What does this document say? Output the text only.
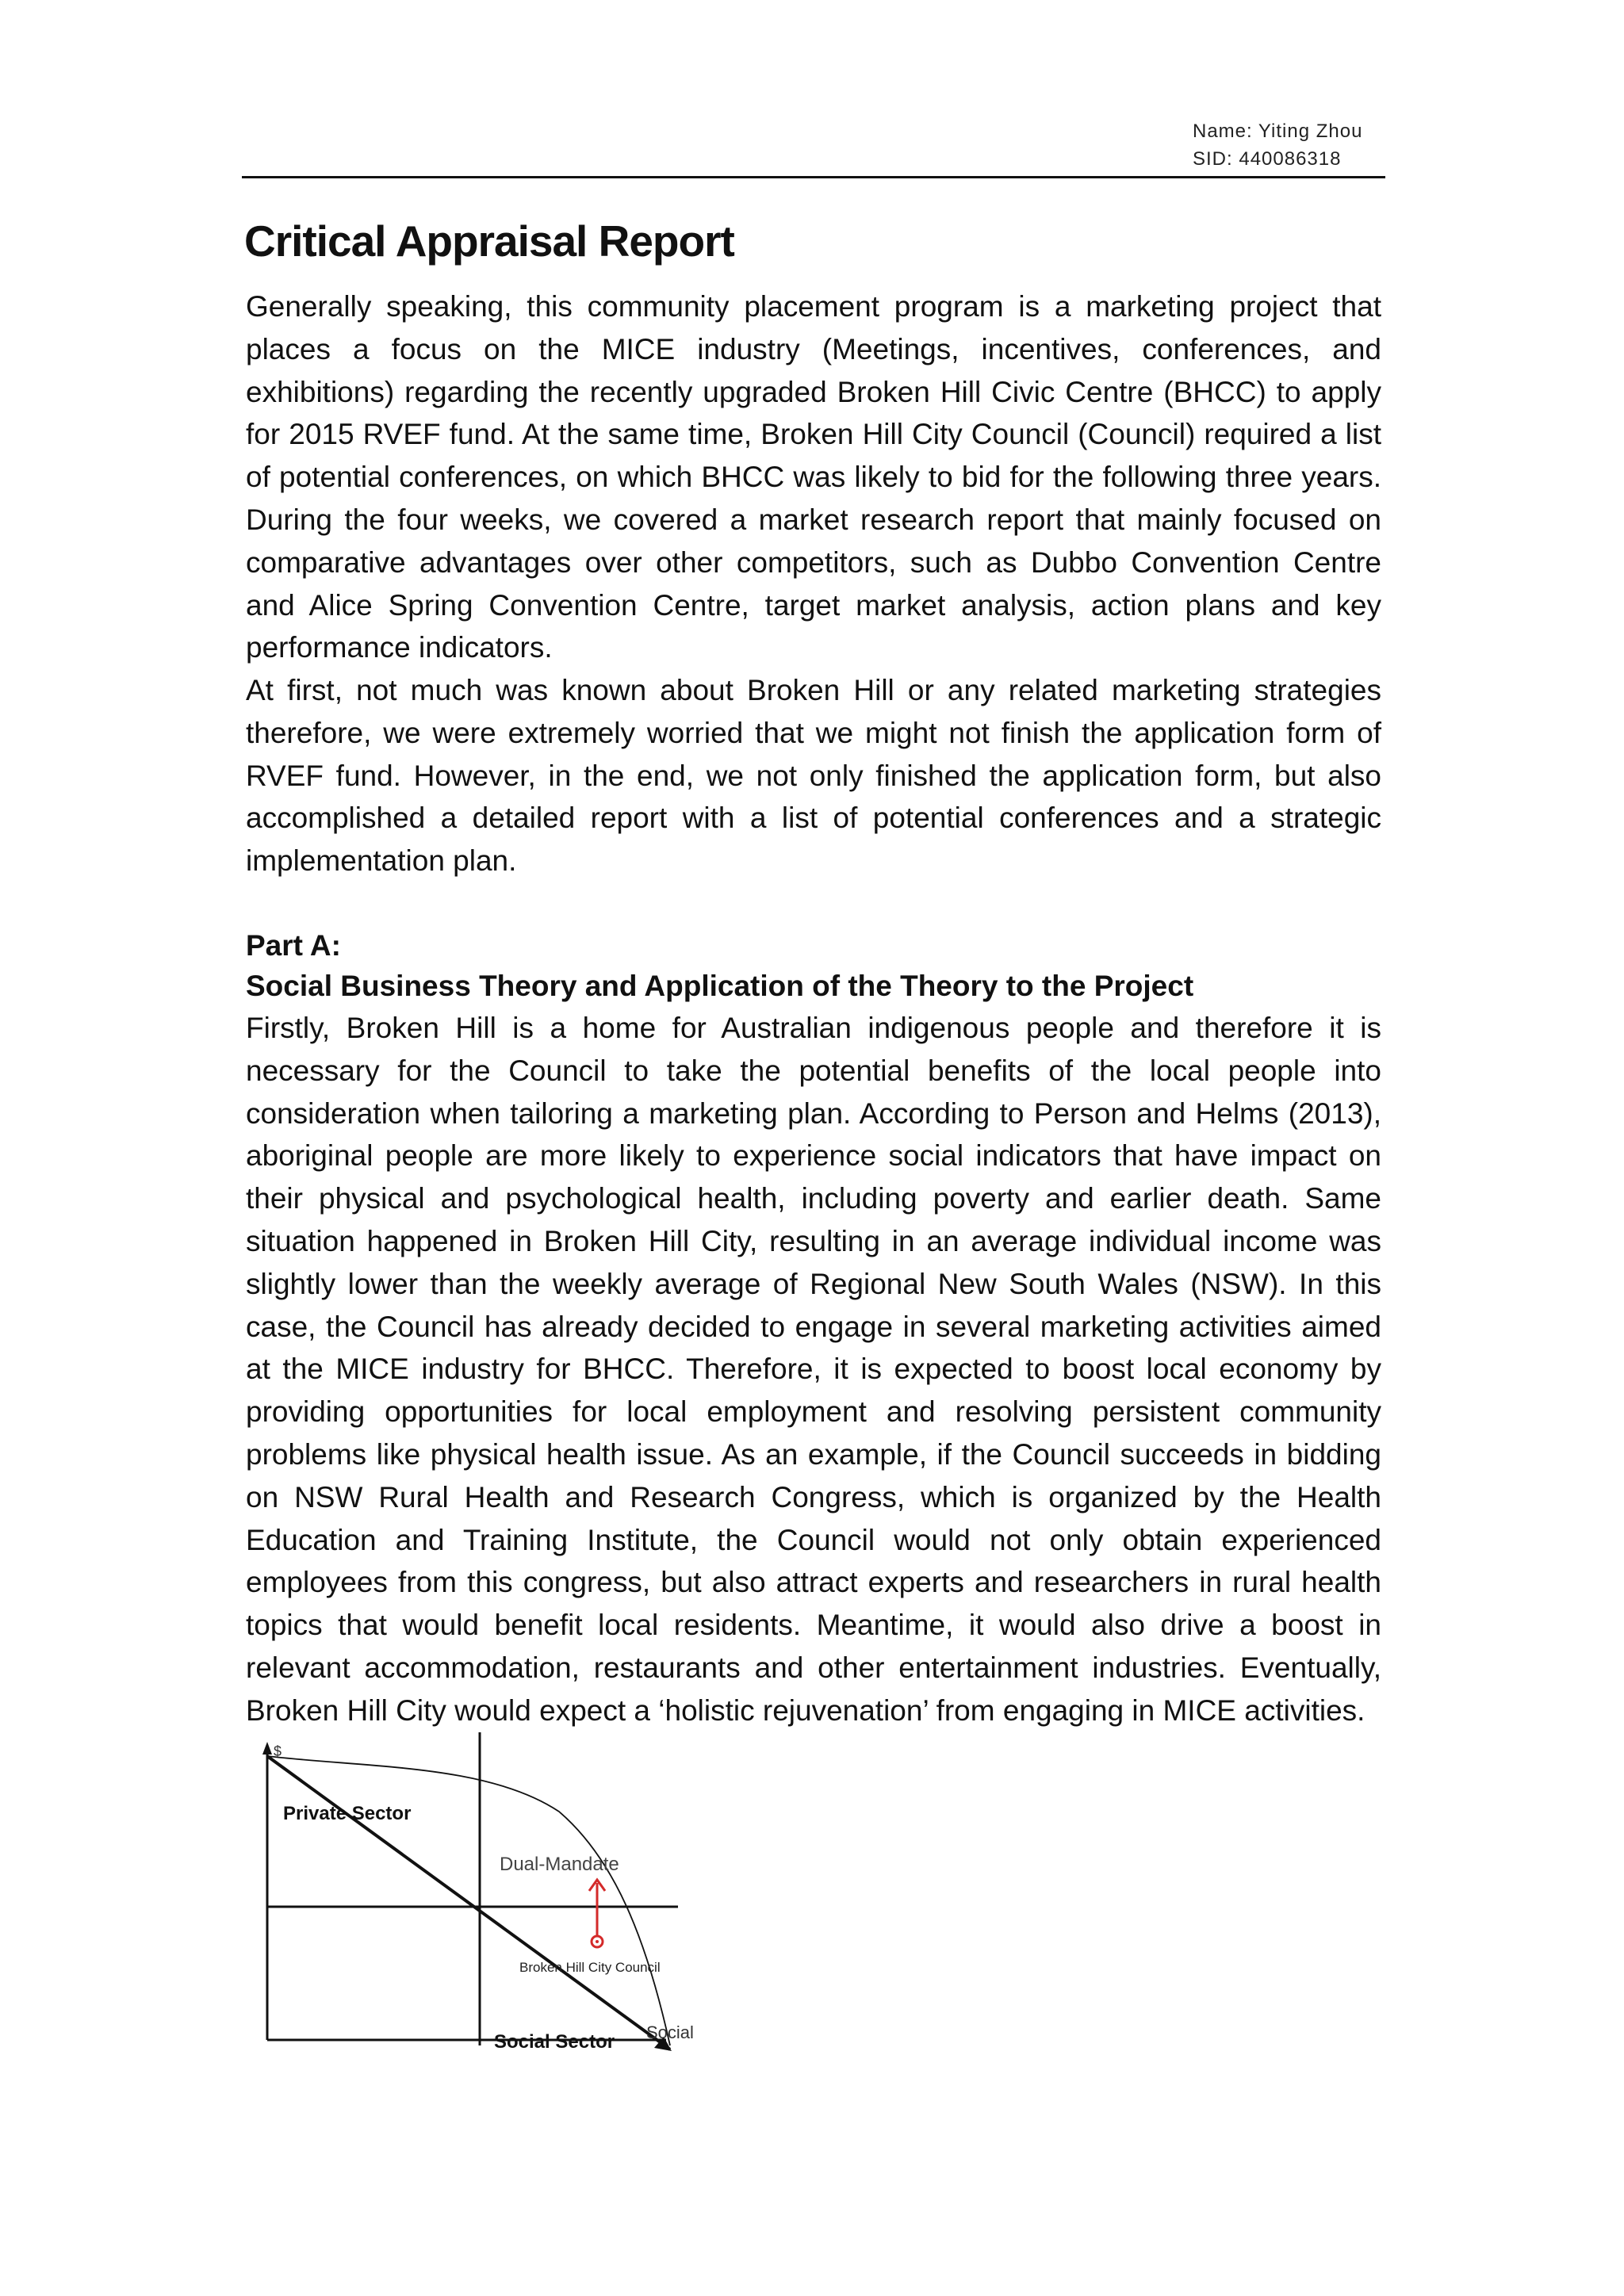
Name: Yiting Zhou
SID: 440086318
Critical Appraisal Report

Generally speaking, this community placement program is a marketing project that places a focus on the MICE industry (Meetings, incentives, conferences, and exhibitions) regarding the recently upgraded Broken Hill Civic Centre (BHCC) to apply for 2015 RVEF fund. At the same time, Broken Hill City Council (Council) required a list of potential conferences, on which BHCC was likely to bid for the following three years. During the four weeks, we covered a market research report that mainly focused on comparative advantages over other competitors, such as Dubbo Convention Centre and Alice Spring Convention Centre, target market analysis, action plans and key performance indicators.

At first, not much was known about Broken Hill or any related marketing strategies therefore, we were extremely worried that we might not finish the application form of RVEF fund. However, in the end, we not only finished the application form, but also accomplished a detailed report with a list of potential conferences and a strategic implementation plan.

Part A:
Social Business Theory and Application of the Theory to the Project

Firstly, Broken Hill is a home for Australian indigenous people and therefore it is necessary for the Council to take the potential benefits of the local people into consideration when tailoring a marketing plan. According to Person and Helms (2013), aboriginal people are more likely to experience social indicators that have impact on their physical and psychological health, including poverty and earlier death. Same situation happened in Broken Hill City, resulting in an average individual income was slightly lower than the weekly average of Regional New South Wales (NSW). In this case, the Council has already decided to engage in several marketing activities aimed at the MICE industry for BHCC. Therefore, it is expected to boost local economy by providing opportunities for local employment and resolving persistent community problems like physical health issue. As an example, if the Council succeeds in bidding on NSW Rural Health and Research Congress, which is organized by the Health Education and Training Institute, the Council would not only obtain experienced employees from this congress, but also attract experts and researchers in rural health topics that would benefit local residents. Meantime, it would also drive a boost in relevant accommodation, restaurants and other entertainment industries. Eventually, Broken Hill City would expect a ‘holistic rejuvenation’ from engaging in MICE activities.

$
Private Sector
Dual-Mandate
Broken Hill City Council
Social Sector Social
